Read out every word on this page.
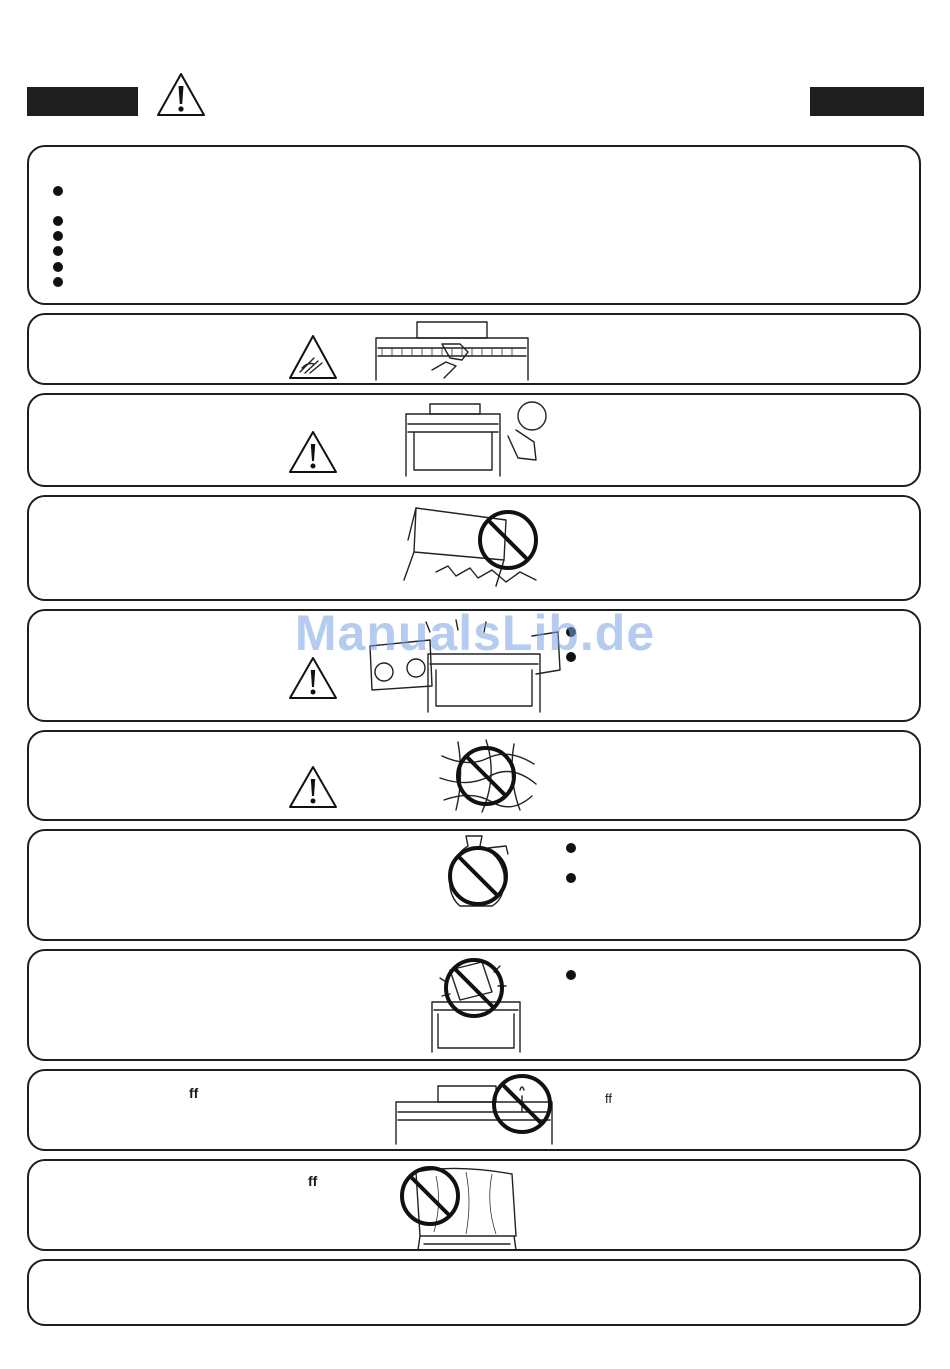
ff	ff
ff
ManualsLib.de
